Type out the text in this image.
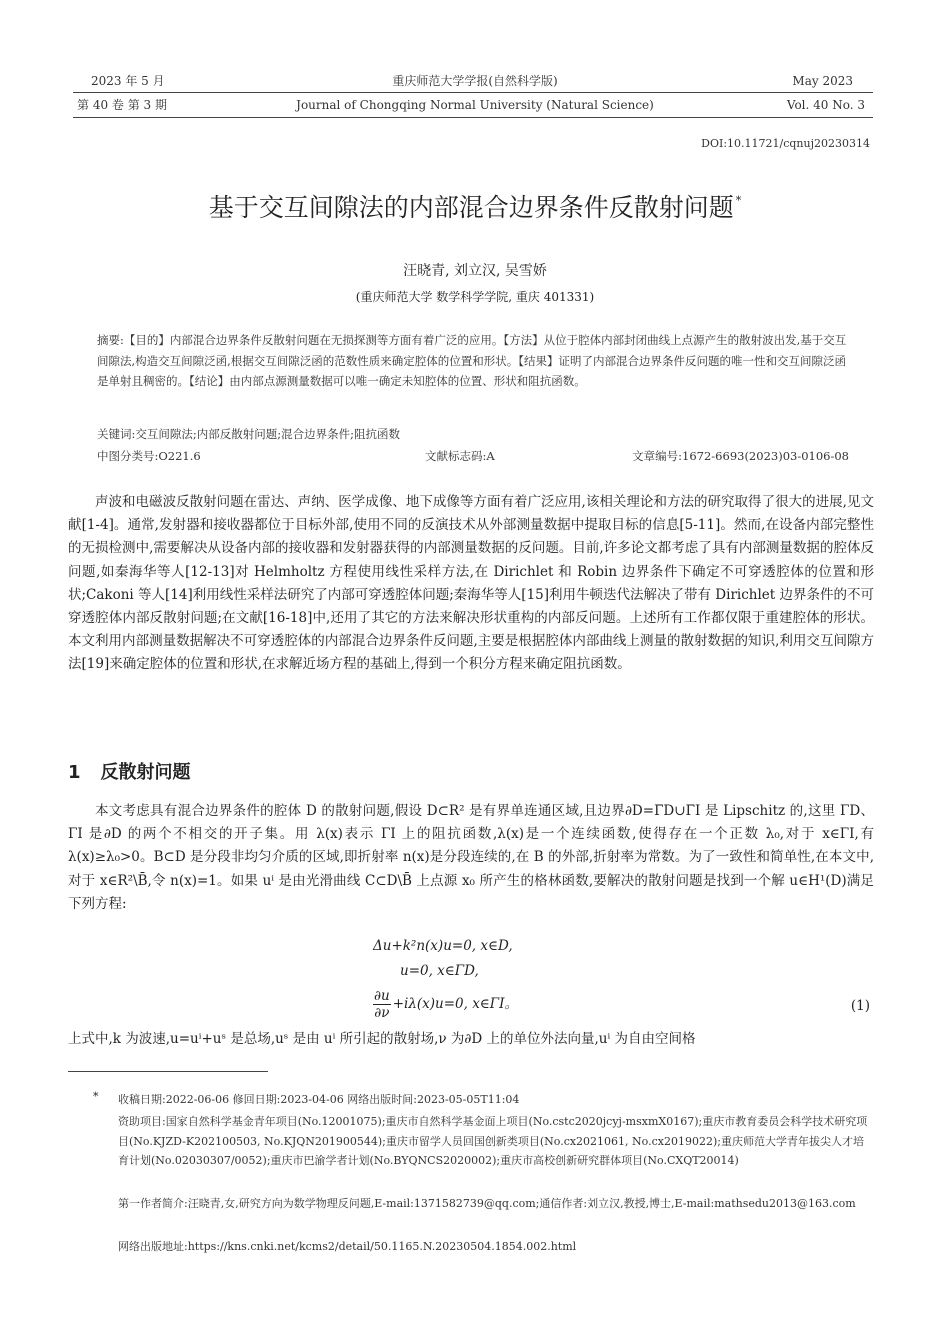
2023 年 5 月
第 40 卷 第 3 期
重庆师范大学学报(自然科学版)
Journal of Chongqing Normal University (Natural Science)
May 2023
Vol. 40 No. 3
DOI:10.11721/cqnuj20230314
基于交互间隙法的内部混合边界条件反散射问题 *
汪晓青, 刘立汉, 吴雪娇
(重庆师范大学 数学科学学院, 重庆 401331)
摘要:【目的】内部混合边界条件反散射问题在无损探测等方面有着广泛的应用。【方法】从位于腔体内部封闭曲线上点源产生的散射波出发,基于交互间隙法,构造交互间隙泛函,根据交互间隙泛函的范数性质来确定腔体的位置和形状。【结果】证明了内部混合边界条件反问题的唯一性和交互间隙泛函是单射且稠密的。【结论】由内部点源测量数据可以唯一确定未知腔体的位置、形状和阻抗函数。
关键词:交互间隙法;内部反散射问题;混合边界条件;阻抗函数
中图分类号:O221.6	文献标志码:A	文章编号:1672-6693(2023)03-0106-08
声波和电磁波反散射问题在雷达、声纳、医学成像、地下成像等方面有着广泛应用,该相关理论和方法的研究取得了很大的进展,见文献[1-4]。通常,发射器和接收器都位于目标外部,使用不同的反演技术从外部测量数据中提取目标的信息[5-11]。然而,在设备内部完整性的无损检测中,需要解决从设备内部的接收器和发射器获得的内部测量数据的反问题。目前,许多论文都考虑了具有内部测量数据的腔体反问题,如秦海华等人[12-13]对 Helmholtz 方程使用线性采样方法,在 Dirichlet 和 Robin 边界条件下确定不可穿透腔体的位置和形状;Cakoni 等人[14]利用线性采样法研究了内部可穿透腔体问题;秦海华等人[15]利用牛顿迭代法解决了带有 Dirichlet 边界条件的不可穿透腔体内部反散射问题;在文献[16-18]中,还用了其它的方法来解决形状重构的内部反问题。上述所有工作都仅限于重建腔体的形状。本文利用内部测量数据解决不可穿透腔体的内部混合边界条件反问题,主要是根据腔体内部曲线上测量的散射数据的知识,利用交互间隙方法[19]来确定腔体的位置和形状,在求解近场方程的基础上,得到一个积分方程来确定阻抗函数。
1 反散射问题
本文考虑具有混合边界条件的腔体 D 的散射问题,假设 D⊂R² 是有界单连通区域,且边界∂D=Γ̄D∪Γ̄I 是 Lipschitz 的,这里 ΓD、ΓI 是∂D 的两个不相交的开子集。用 λ(x)表示 ΓI 上的阻抗函数,λ(x)是一个连续函数,使得存在一个正数 λ₀,对于 x∈ΓI,有 λ(x)≥λ₀>0。B⊂D 是分段非均匀介质的区域,即折射率 n(x)是分段连续的,在 B 的外部,折射率为常数。为了一致性和简单性,在本文中,对于 x∈R²\B̄,令 n(x)=1。如果 uⁱ 是由光滑曲线 C⊂D\B̄ 上点源 x₀ 所产生的格林函数,要解决的散射问题是找到一个解 u∈H¹(D)满足下列方程:
Δu+k²n(x)u=0, x∈D,
u=0, x∈ΓD,
$\frac{\partial u}{\partial\nu} +i\lambda(x)u=0$, x∈ΓI。	(1)
上式中,k 为波速,u=uⁱ+uˢ 是总场,uˢ 是由 uⁱ 所引起的散射场,ν 为∂D 上的单位外法向量,uⁱ 为自由空间格
* 收稿日期:2022-06-06 修回日期:2023-04-06 网络出版时间:2023-05-05T11:04
资助项目:国家自然科学基金青年项目(No.12001075);重庆市自然科学基金面上项目(No.cstc2020jcyj-msxmX0167);重庆市教育委员会科学技术研究项目(No.KJZD-K202100503, No.KJQN201900544);重庆市留学人员回国创新类项目(No.cx2021061, No.cx2019022);重庆师范大学青年拔尖人才培育计划(No.02030307/0052);重庆市巴渝学者计划(No.BYQNCS2020002);重庆市高校创新研究群体项目(No.CXQT20014)
第一作者简介:汪晓青,女,研究方向为数学物理反问题,E-mail:1371582739@qq.com;通信作者:刘立汉,教授,博士,E-mail:mathsedu2013@163.com
网络出版地址:https://kns.cnki.net/kcms2/detail/50.1165.N.20230504.1854.002.html
